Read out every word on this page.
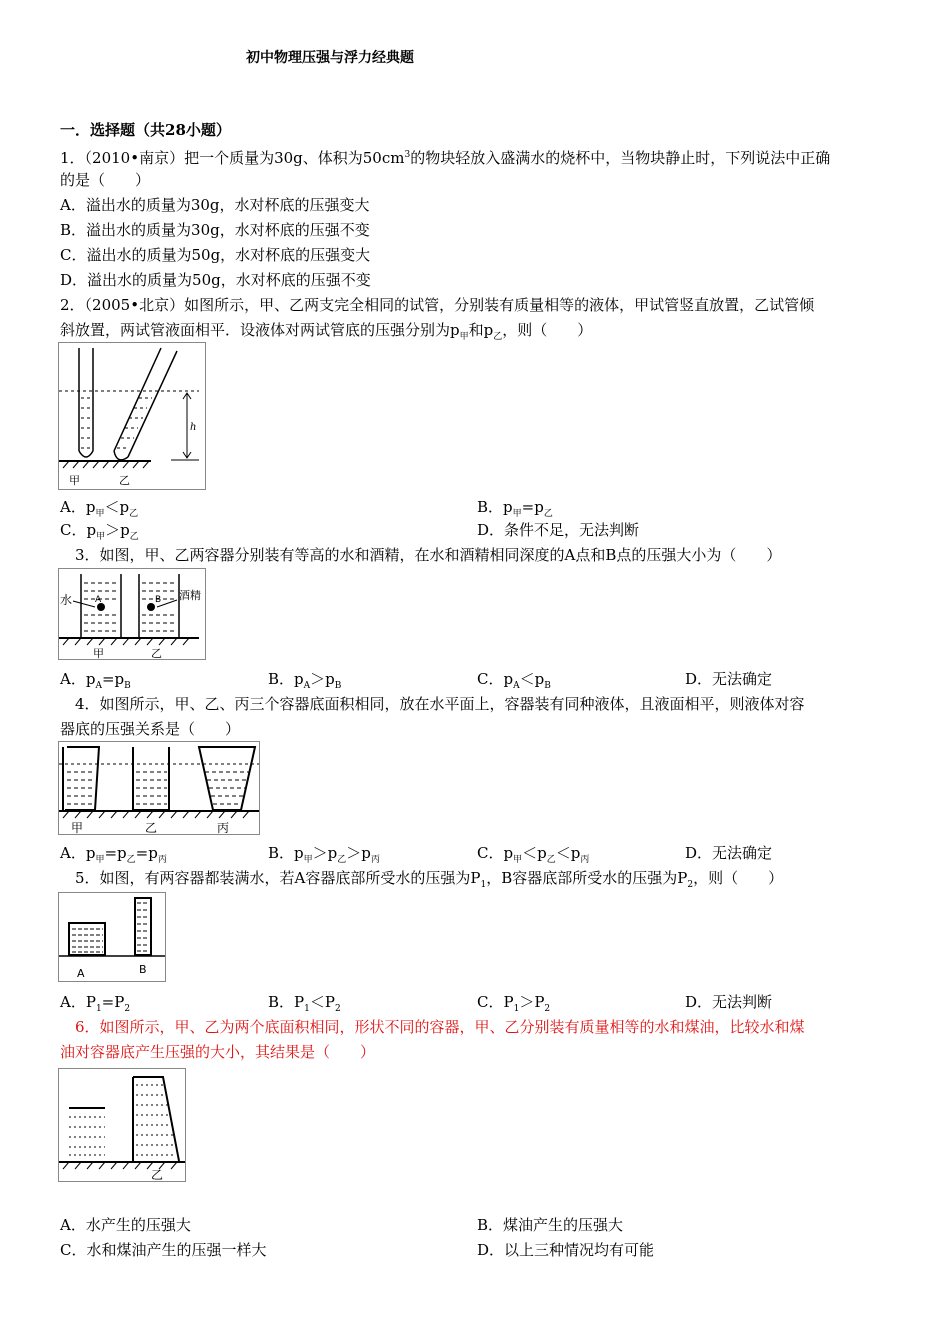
初中物理压强与浮力经典题
一．选择题（共28小题）
1．（2010•南京）把一个质量为30g、体积为$50cm^3$的物块轻放入盛满水的烧杯中，当物块静止时，下列说法中正确
的是（　　）
A．溢出水的质量为30g，水对杯底的压强变大
B．溢出水的质量为30g，水对杯底的压强不变
C．溢出水的质量为50g，水对杯底的压强变大
D．溢出水的质量为50g，水对杯底的压强不变
2．（2005•北京）如图所示，甲、乙两支完全相同的试管，分别装有质量相等的液体，甲试管竖直放置，乙试管倾
斜放置，两试管液面相平．设液体对两试管底的压强分别为$p_甲$和$p_乙$，则（　　）
甲	乙
h
A．$p_甲<p_乙$	B．$p_甲=p_乙$
C．$p_甲>p_乙$	D．条件不足，无法判断
3．如图，甲、乙两容器分别装有等高的水和酒精，在水和酒精相同深度的A点和B点的压强大小为（　　）
水	A	B 酒精
甲	乙
A．$p_A=p_B$	B．$p_A>p_B$	C．$p_A<p_B$	D．无法确定
4．如图所示，甲、乙、丙三个容器底面积相同，放在水平面上，容器装有同种液体，且液面相平，则液体对容
器底的压强关系是（　　）
甲	乙	丙
A．$p_甲=p_乙=p_丙$	B．$p_甲>p_乙>p_丙$	C．$p_甲<p_乙<p_丙$	D．无法确定
5．如图，有两容器都装满水，若A容器底部所受水的压强为$P_1$，B容器底部所受水的压强为$P_2$，则（　　）
A	B
A．$P_1=P_2$	B．$P_1<P_2$	C．$P_1>P_2$	D．无法判断
6．如图所示，甲、乙为两个底面积相同，形状不同的容器，甲、乙分别装有质量相等的水和煤油，比较水和煤
油对容器底产生压强的大小，其结果是（　　）
乙
A．水产生的压强大	B．煤油产生的压强大
C．水和煤油产生的压强一样大	D．以上三种情况均有可能
